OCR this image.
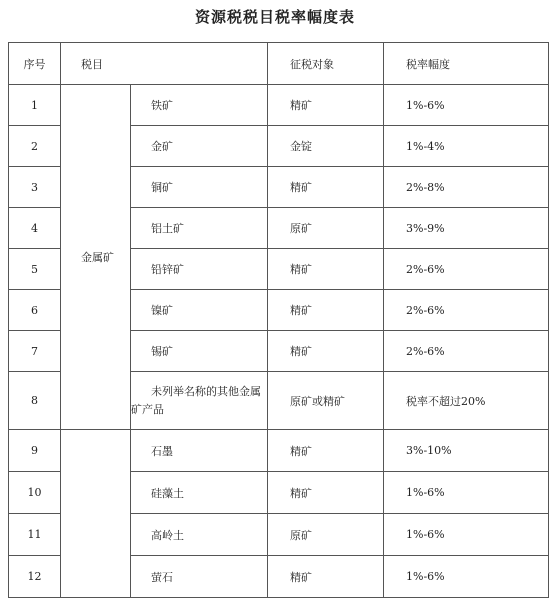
资源税税目税率幅度表
序号	税目		征税对象	税率幅度
1	金属矿	铁矿	精矿	1%-6%
2		金矿	金锭	1%-4%
3		铜矿	精矿	2%-8%
4		铝土矿	原矿	3%-9%
5		铅锌矿	精矿	2%-6%
6		镍矿	精矿	2%-6%
7		锡矿	精矿	2%-6%
8		未列举名称的其他金属矿产品	原矿或精矿	税率不超过20%
9		石墨	精矿	3%-10%
10		硅藻土	精矿	1%-6%
11		高岭土	原矿	1%-6%
12		萤石	精矿	1%-6%
